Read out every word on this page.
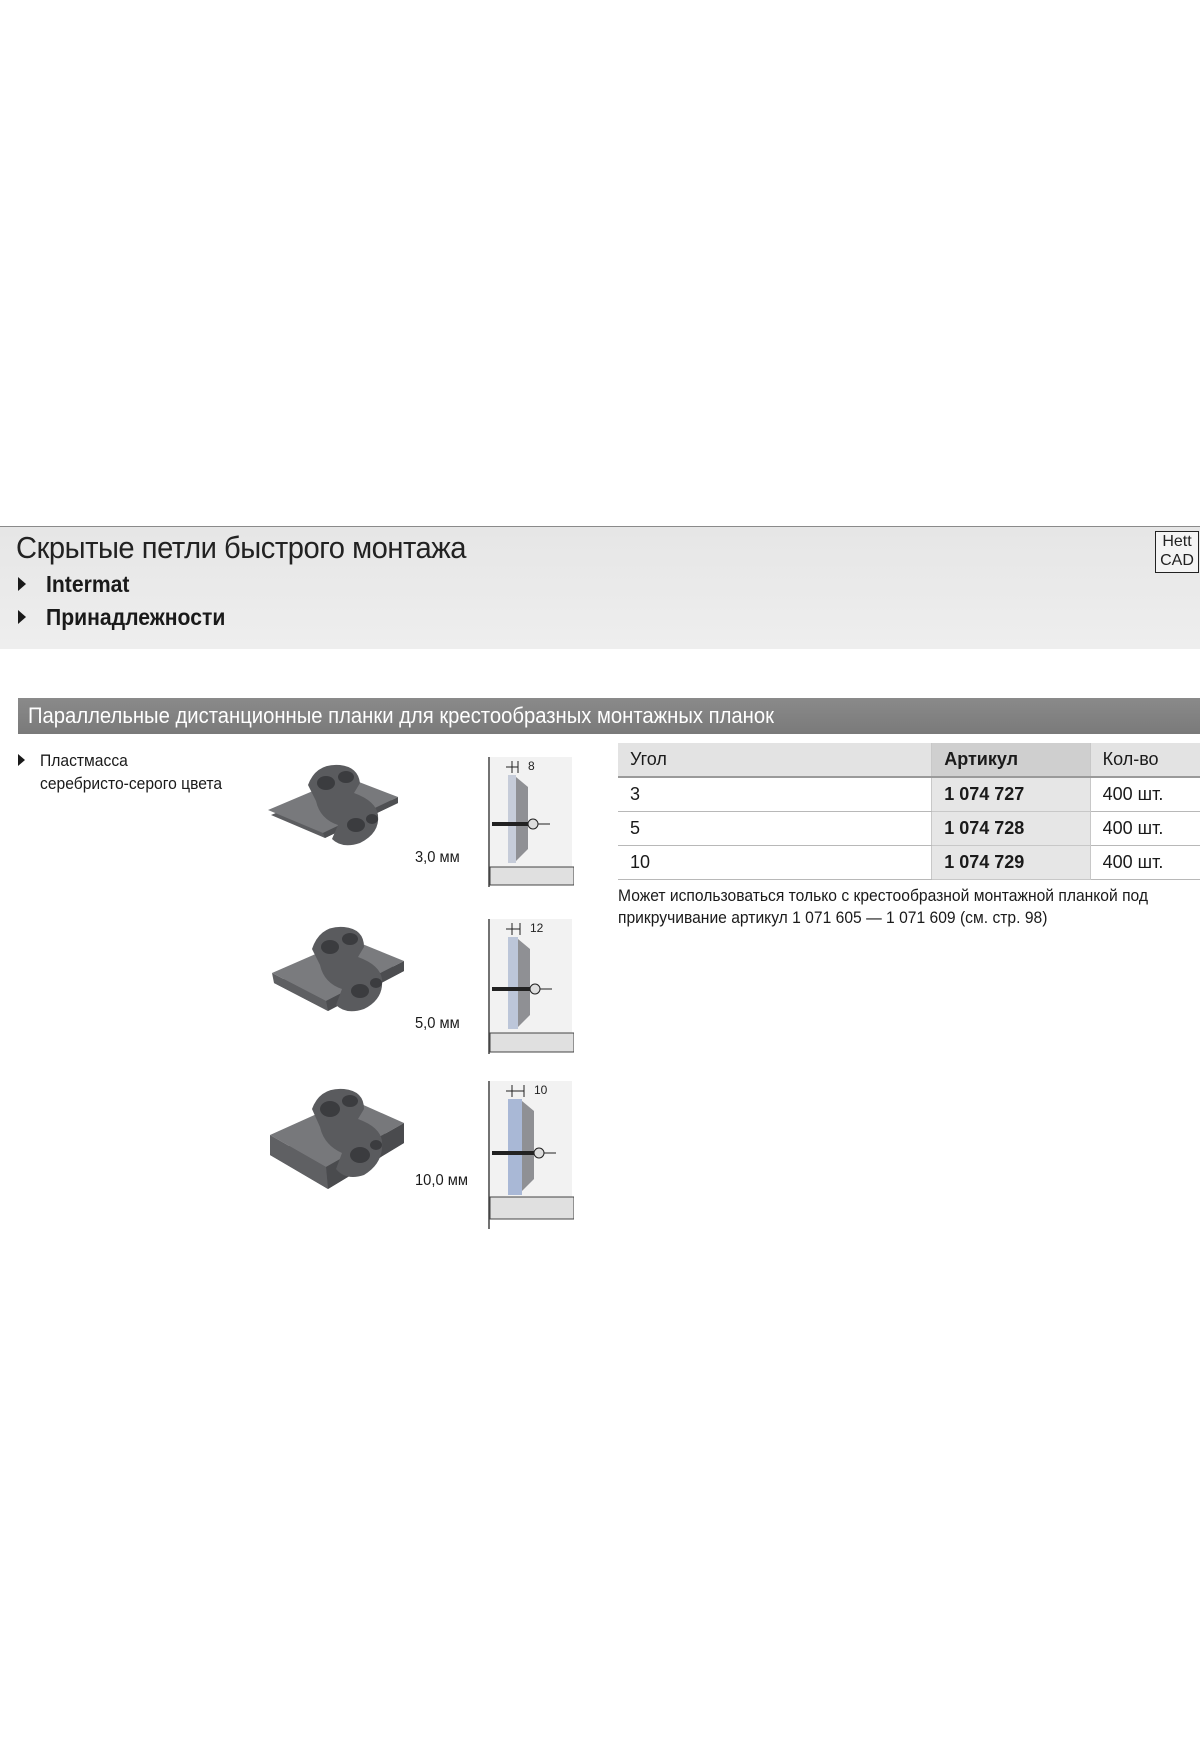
Скрытые петли быстрого монтажа
Intermat
Принадлежности
Hett
CAD
Параллельные дистанционные планки для крестообразных монтажных планок
Пластмасса
серебристо-серого цвета
3,0 мм
8
5,0 мм
12
10,0 мм
10
Угол	Артикул	Кол-во
3	1 074 727	400 шт.
5	1 074 728	400 шт.
10	1 074 729	400 шт.
Может использоваться только с крестообразной монтажной планкой под
прикручивание артикул 1 071 605 — 1 071 609 (см. стр. 98)
